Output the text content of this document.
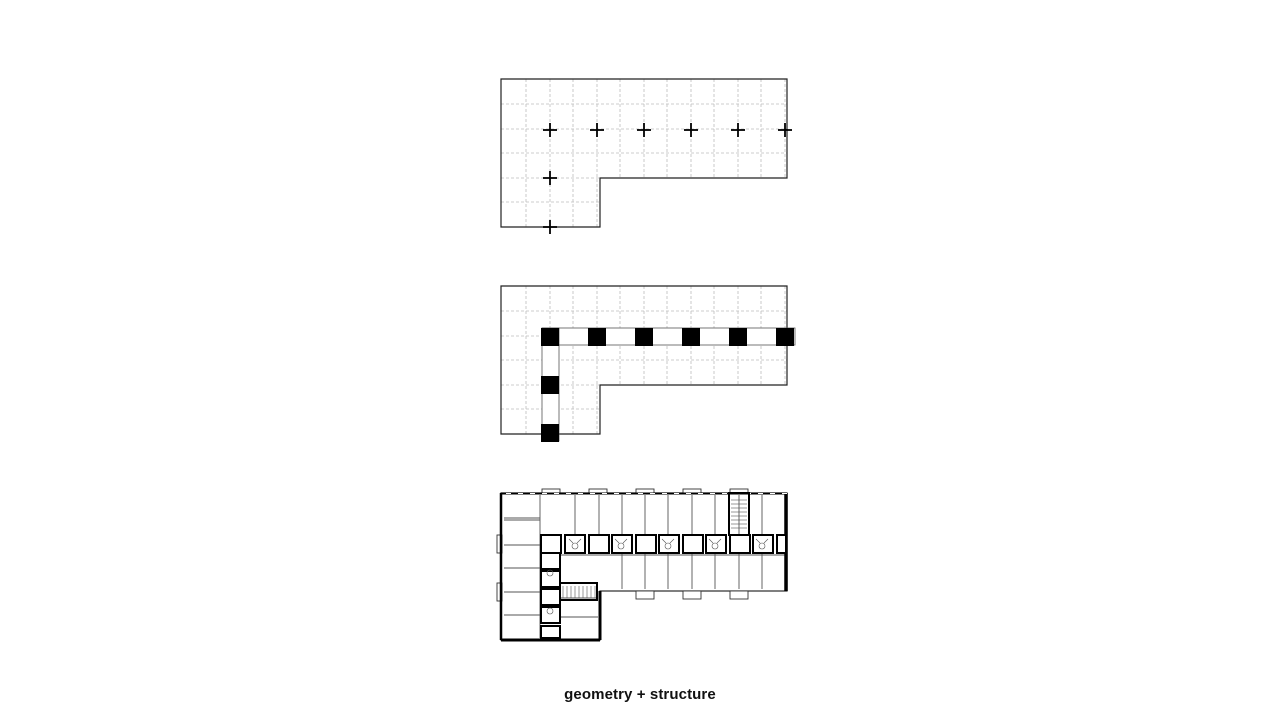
geometry + structure
